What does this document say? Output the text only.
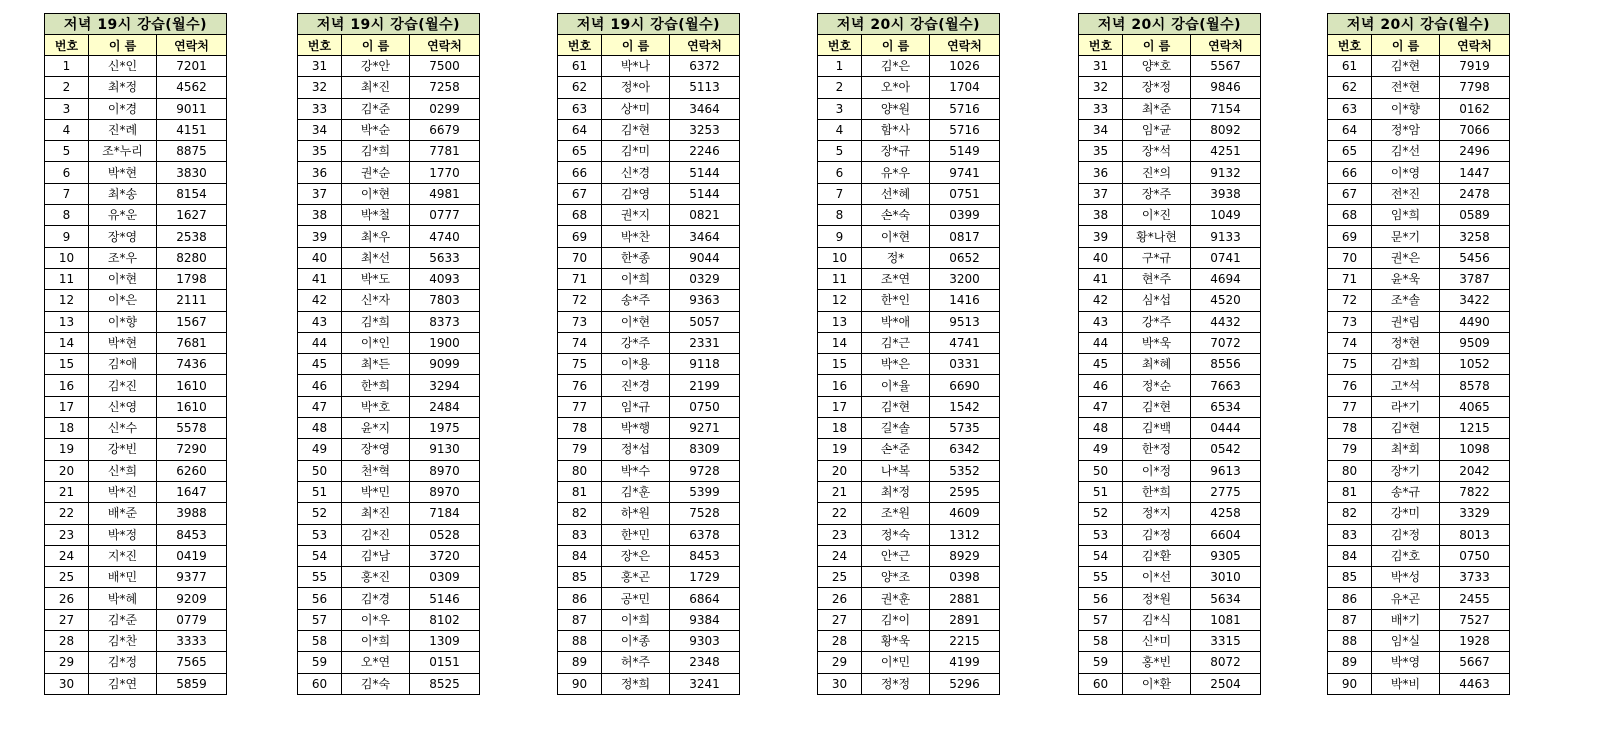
저녁 19시 강습(월수)		
번호	이 름	연락처
1	신*인	7201
2	최*정	4562
3	이*경	9011
4	진*례	4151
5	조*누리	8875
6	박*현	3830
7	최*송	8154
8	유*운	1627
9	장*영	2538
10	조*우	8280
11	이*현	1798
12	이*은	2111
13	이*향	1567
14	박*현	7681
15	김*애	7436
16	김*진	1610
17	신*영	1610
18	신*수	5578
19	강*빈	7290
20	신*희	6260
21	박*진	1647
22	배*준	3988
23	박*정	8453
24	지*진	0419
25	배*민	9377
26	박*혜	9209
27	김*준	0779
28	김*찬	3333
29	김*정	7565
30	김*연	5859
저녁 19시 강습(월수)		
번호	이 름	연락처
31	강*안	7500
32	최*진	7258
33	김*준	0299
34	박*순	6679
35	김*희	7781
36	권*순	1770
37	이*현	4981
38	박*철	0777
39	최*우	4740
40	최*선	5633
41	박*도	4093
42	신*자	7803
43	김*희	8373
44	이*인	1900
45	최*든	9099
46	한*희	3294
47	박*호	2484
48	윤*지	1975
49	장*영	9130
50	천*혁	8970
51	박*민	8970
52	최*진	7184
53	김*진	0528
54	김*남	3720
55	홍*진	0309
56	김*경	5146
57	이*우	8102
58	이*희	1309
59	오*연	0151
60	김*숙	8525
저녁 19시 강습(월수)		
번호	이 름	연락처
61	박*나	6372
62	정*아	5113
63	상*미	3464
64	김*현	3253
65	김*미	2246
66	신*경	5144
67	김*영	5144
68	권*지	0821
69	박*찬	3464
70	한*종	9044
71	이*희	0329
72	송*주	9363
73	이*현	5057
74	강*주	2331
75	이*용	9118
76	진*경	2199
77	임*규	0750
78	박*행	9271
79	정*섭	8309
80	박*수	9728
81	김*훈	5399
82	하*원	7528
83	한*민	6378
84	장*은	8453
85	홍*곤	1729
86	공*민	6864
87	이*희	9384
88	이*종	9303
89	허*주	2348
90	정*희	3241
저녁 20시 강습(월수)		
번호	이 름	연락처
1	김*은	1026
2	오*아	1704
3	양*원	5716
4	함*사	5716
5	장*규	5149
6	유*우	9741
7	선*혜	0751
8	손*숙	0399
9	이*현	0817
10	정*	0652
11	조*연	3200
12	한*인	1416
13	박*애	9513
14	김*근	4741
15	박*은	0331
16	이*율	6690
17	김*현	1542
18	길*솔	5735
19	손*준	6342
20	나*복	5352
21	최*정	2595
22	조*원	4609
23	정*숙	1312
24	안*근	8929
25	양*조	0398
26	권*훈	2881
27	김*이	2891
28	황*욱	2215
29	이*민	4199
30	정*정	5296
저녁 20시 강습(월수)		
번호	이 름	연락처
31	양*호	5567
32	장*정	9846
33	최*준	7154
34	임*균	8092
35	장*석	4251
36	진*의	9132
37	장*주	3938
38	이*진	1049
39	황*나현	9133
40	구*규	0741
41	현*주	4694
42	심*섭	4520
43	강*주	4432
44	박*욱	7072
45	최*혜	8556
46	정*순	7663
47	김*현	6534
48	김*백	0444
49	한*정	0542
50	이*정	9613
51	한*희	2775
52	정*지	4258
53	김*정	6604
54	김*환	9305
55	이*선	3010
56	정*원	5634
57	김*식	1081
58	신*미	3315
59	홍*빈	8072
60	이*환	2504
저녁 20시 강습(월수)		
번호	이 름	연락처
61	김*현	7919
62	전*현	7798
63	이*향	0162
64	정*암	7066
65	김*선	2496
66	이*영	1447
67	전*진	2478
68	임*희	0589
69	문*기	3258
70	권*은	5456
71	윤*욱	3787
72	조*솔	3422
73	권*림	4490
74	정*현	9509
75	김*희	1052
76	고*석	8578
77	라*기	4065
78	김*현	1215
79	최*회	1098
80	장*기	2042
81	송*규	7822
82	강*미	3329
83	김*정	8013
84	김*호	0750
85	박*성	3733
86	유*곤	2455
87	배*기	7527
88	임*실	1928
89	박*영	5667
90	박*비	4463
